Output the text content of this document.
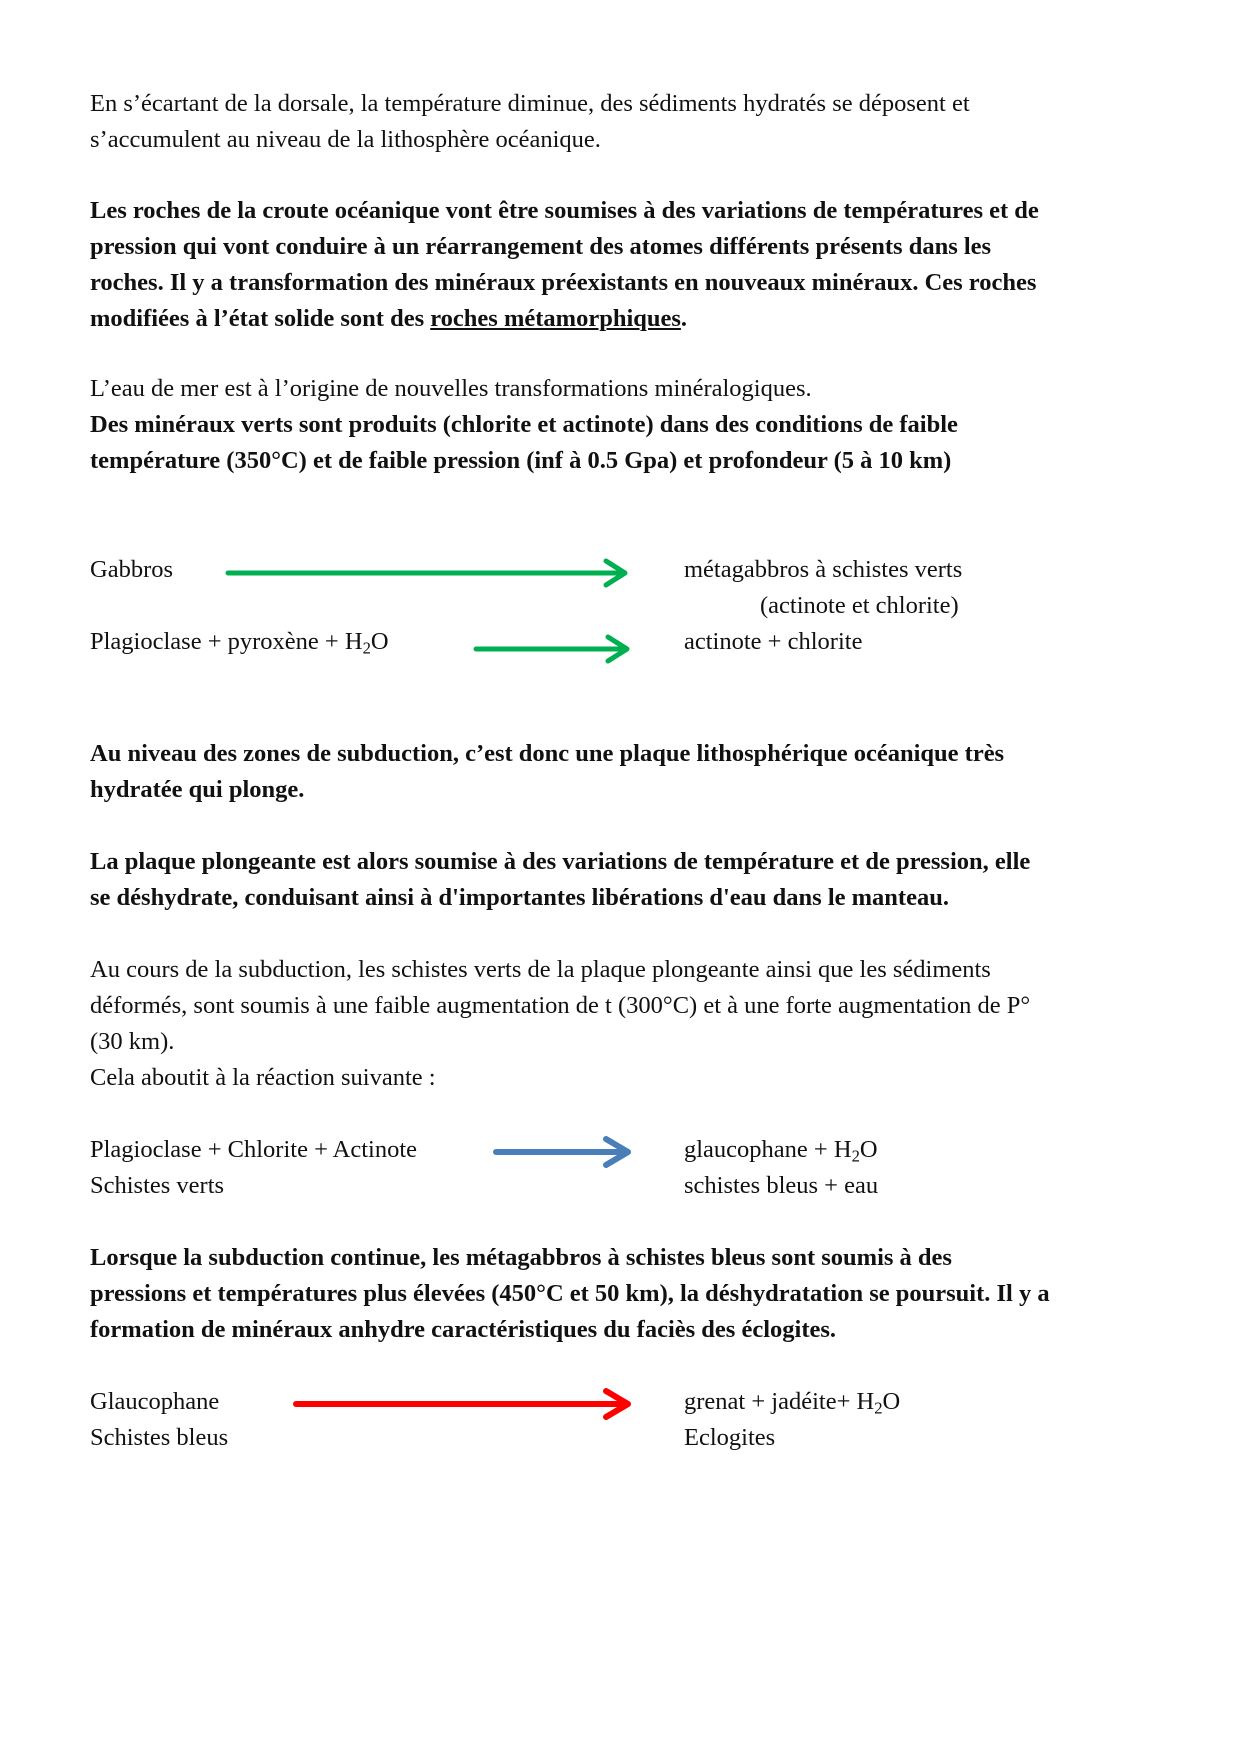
En s’écartant de la dorsale, la température diminue, des sédiments hydratés se déposent et

s’accumulent au niveau de la lithosphère océanique.

Les roches de la croute océanique vont être soumises à des variations de températures et de

pression qui vont conduire à un réarrangement des atomes différents présents dans les

roches. Il y a transformation des minéraux préexistants en nouveaux minéraux. Ces roches

modifiées à l’état solide sont des roches métamorphiques.

L’eau de mer est à l’origine de nouvelles transformations minéralogiques.

Des minéraux verts sont produits (chlorite et actinote) dans des conditions de faible

température (350°C) et de faible pression (inf à 0.5 Gpa) et profondeur (5 à 10 km)

Gabbros	métagabbros à schistes verts

(actinote et chlorite)

Plagioclase + pyroxène + $H_2O$	actinote + chlorite

Au niveau des zones de subduction, c’est donc une plaque lithosphérique océanique très

hydratée qui plonge.

La plaque plongeante est alors soumise à des variations de température et de pression, elle

se déshydrate, conduisant ainsi à d'importantes libérations d'eau dans le manteau.

Au cours de la subduction, les schistes verts de la plaque plongeante ainsi que les sédiments

déformés, sont soumis à une faible augmentation de t (300°C) et à une forte augmentation de P°

(30 km).

Cela aboutit à la réaction suivante :

Plagioclase + Chlorite + Actinote

Schistes verts

glaucophane + $H_2O$

schistes bleus + eau

Lorsque la subduction continue, les métagabbros à schistes bleus sont soumis à des

pressions et températures plus élevées (450°C et 50 km), la déshydratation se poursuit. Il y a

formation de minéraux anhydre caractéristiques du faciès des éclogites.

Glaucophane

Schistes bleus

grenat + jadéite+ $H_2O$

Eclogites
